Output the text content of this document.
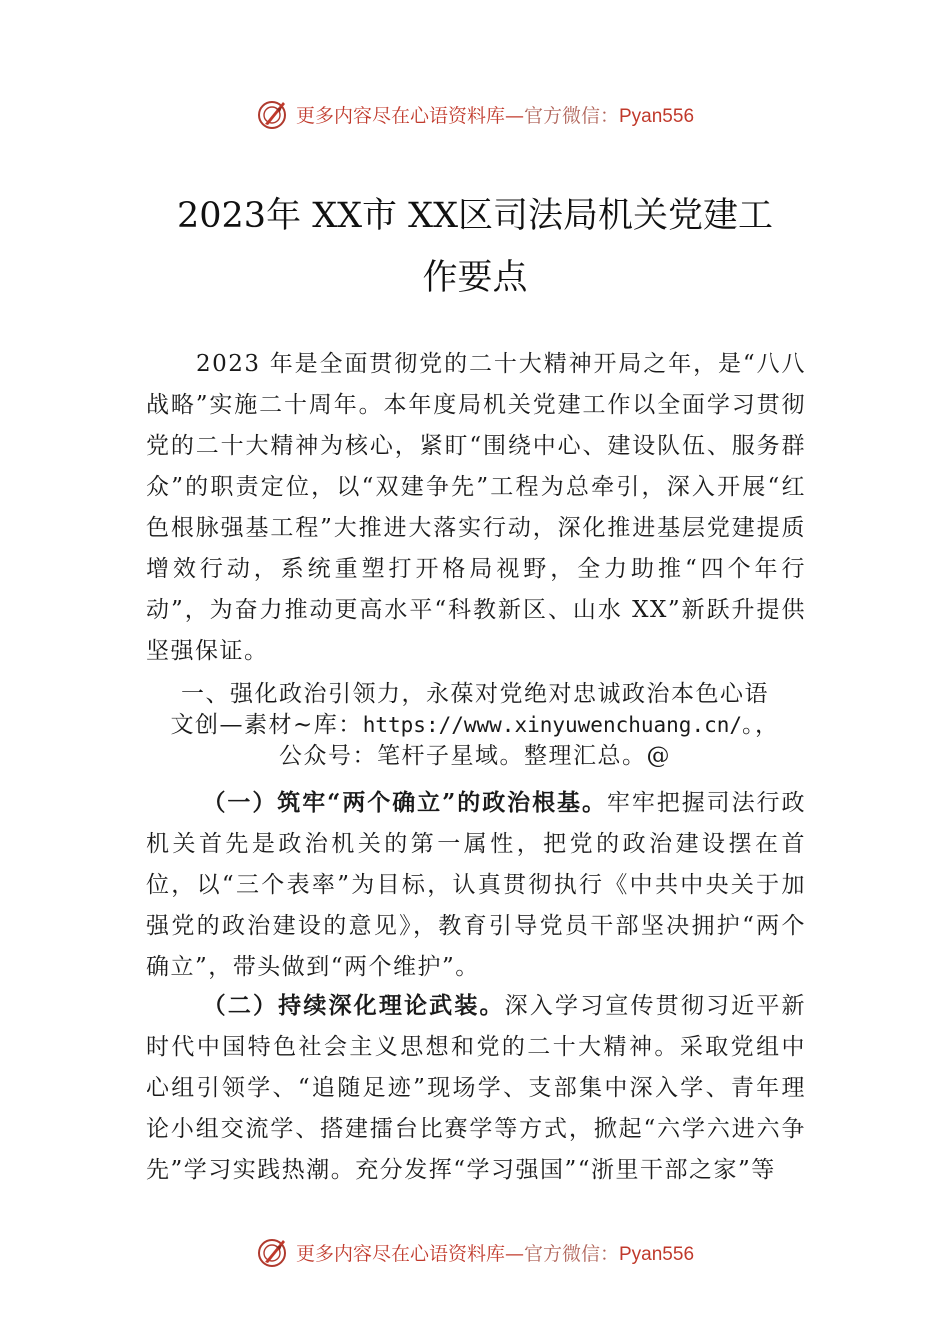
更多内容尽在心语资料库—官方微信：Pyan556
2023年 XX市 XX区司法局机关党建工
作要点
2023 年是全面贯彻党的二十大精神开局之年，是“八八战略”实施二十周年。本年度局机关党建工作以全面学习贯彻党的二十大精神为核心，紧盯“围绕中心、建设队伍、服务群众”的职责定位，以“双建争先”工程为总牵引，深入开展“红色根脉强基工程”大推进大落实行动，深化推进基层党建提质增效行动，系统重塑打开格局视野，全力助推“四个年行动”，为奋力推动更高水平“科教新区、山水 XX”新跃升提供坚强保证。
一、强化政治引领力，永葆对党绝对忠诚政治本色心语
文创—素材~库：https://www.xinyuwenchuang.cn/。，
公众号：笔杆子星域。整理汇总。@
（一）筑牢“两个确立”的政治根基。牢牢把握司法行政机关首先是政治机关的第一属性，把党的政治建设摆在首位，以“三个表率”为目标，认真贯彻执行《中共中央关于加强党的政治建设的意见》，教育引导党员干部坚决拥护“两个确立”，带头做到“两个维护”。
（二）持续深化理论武装。深入学习宣传贯彻习近平新时代中国特色社会主义思想和党的二十大精神。采取党组中心组引领学、“追随足迹”现场学、支部集中深入学、青年理论小组交流学、搭建擂台比赛学等方式，掀起“六学六进六争先”学习实践热潮。充分发挥“学习强国”“浙里干部之家”等
更多内容尽在心语资料库—官方微信：Pyan556
